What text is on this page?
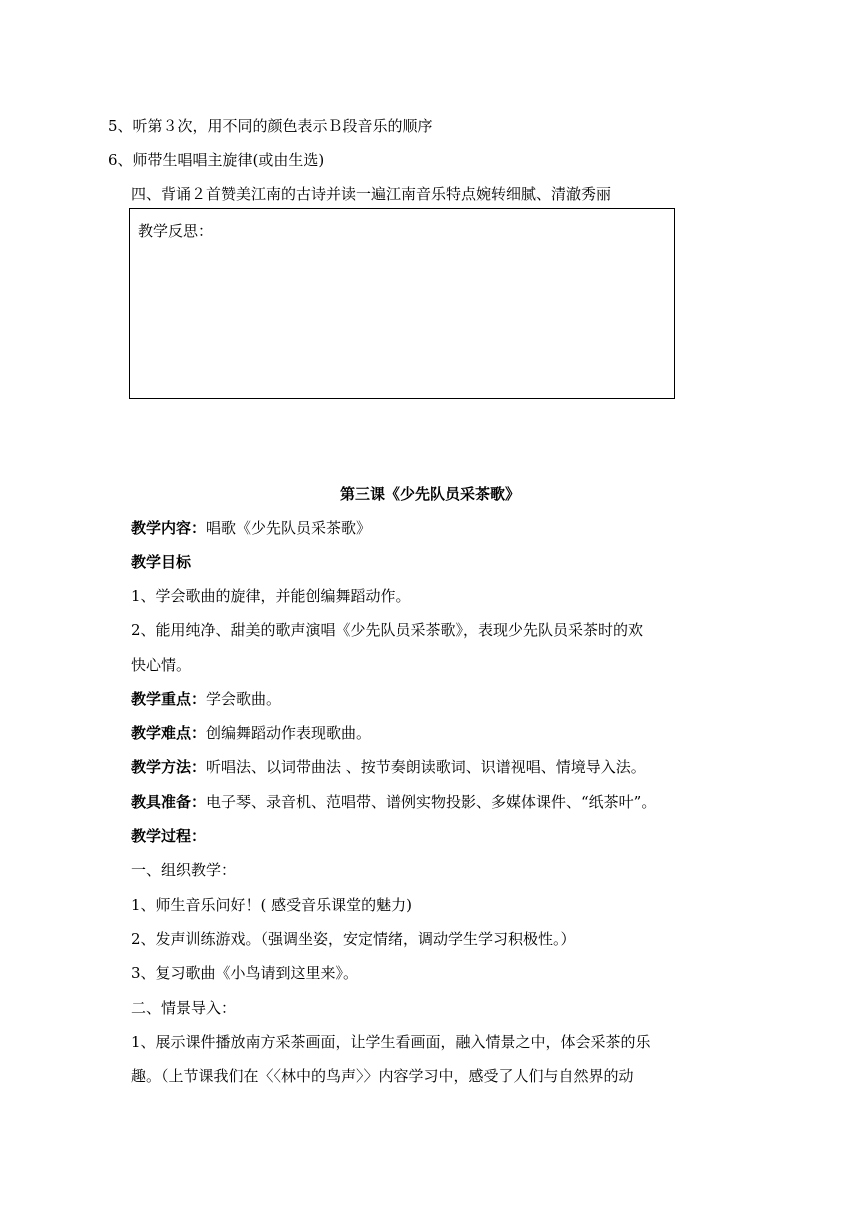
5、听第３次，用不同的颜色表示Ｂ段音乐的顺序
6、师带生唱唱主旋律(或由生选)
四、背诵２首赞美江南的古诗并读一遍江南音乐特点婉转细腻、清澈秀丽
教学反思：
第三课《少先队员采茶歌》
教学内容：唱歌《少先队员采茶歌》
教学目标
1、学会歌曲的旋律，并能创编舞蹈动作。
2、能用纯净、甜美的歌声演唱《少先队员采茶歌》，表现少先队员采茶时的欢
快心情。
教学重点：学会歌曲。
教学难点：创编舞蹈动作表现歌曲。
教学方法：听唱法、以词带曲法 、按节奏朗读歌词、识谱视唱、情境导入法。
教具准备：电子琴、录音机、范唱带、谱例实物投影、多媒体课件、“纸茶叶”。
教学过程：
一、组织教学：
1、师生音乐问好！( 感受音乐课堂的魅力)
2、发声训练游戏。（强调坐姿，安定情绪，调动学生学习积极性。）
3、复习歌曲《小鸟请到这里来》。
二、情景导入：
1、展示课件播放南方采茶画面，让学生看画面，融入情景之中，体会采茶的乐
趣。（上节课我们在〈〈林中的鸟声〉〉内容学习中，感受了人们与自然界的动
